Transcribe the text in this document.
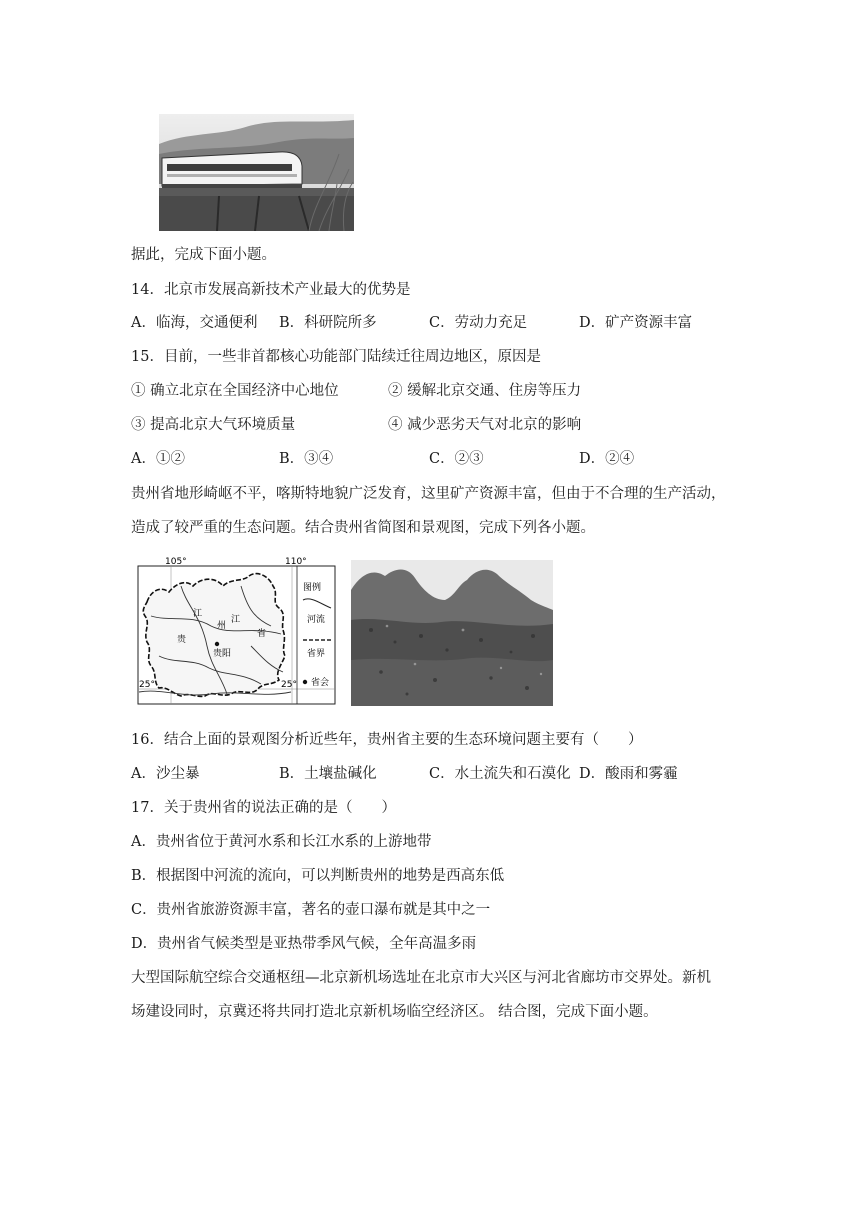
据此，完成下面小题。
14．北京市发展高新技术产业最大的优势是
A．临海，交通便利 B．科研院所多	C．劳动力充足	D．矿产资源丰富
15．目前，一些非首都核心功能部门陆续迁往周边地区，原因是
① 确立北京在全国经济中心地位	② 缓解北京交通、住房等压力
③ 提高北京大气环境质量	④ 减少恶劣天气对北京的影响
A．①②	B．③④	C．②③	D．②④
贵州省地形崎岖不平，喀斯特地貌广泛发育，这里矿产资源丰富，但由于不合理的生产活动，
造成了较严重的生态问题。结合贵州省简图和景观图，完成下列各小题。
贵阳
贵
州
省
江
江
105°	110°
25°	25°
图例
河流
省界
省会
16．结合上面的景观图分析近些年，贵州省主要的生态环境问题主要有（　　）
A．沙尘暴	B．土壤盐碱化	C．水土流失和石漠化 D．酸雨和雾霾
17．关于贵州省的说法正确的是（　　）
A．贵州省位于黄河水系和长江水系的上游地带
B．根据图中河流的流向，可以判断贵州的地势是西高东低
C．贵州省旅游资源丰富，著名的壶口瀑布就是其中之一
D．贵州省气候类型是亚热带季风气候，全年高温多雨
大型国际航空综合交通枢纽—北京新机场选址在北京市大兴区与河北省廊坊市交界处。新机
场建设同时，京冀还将共同打造北京新机场临空经济区。 结合图，完成下面小题。
